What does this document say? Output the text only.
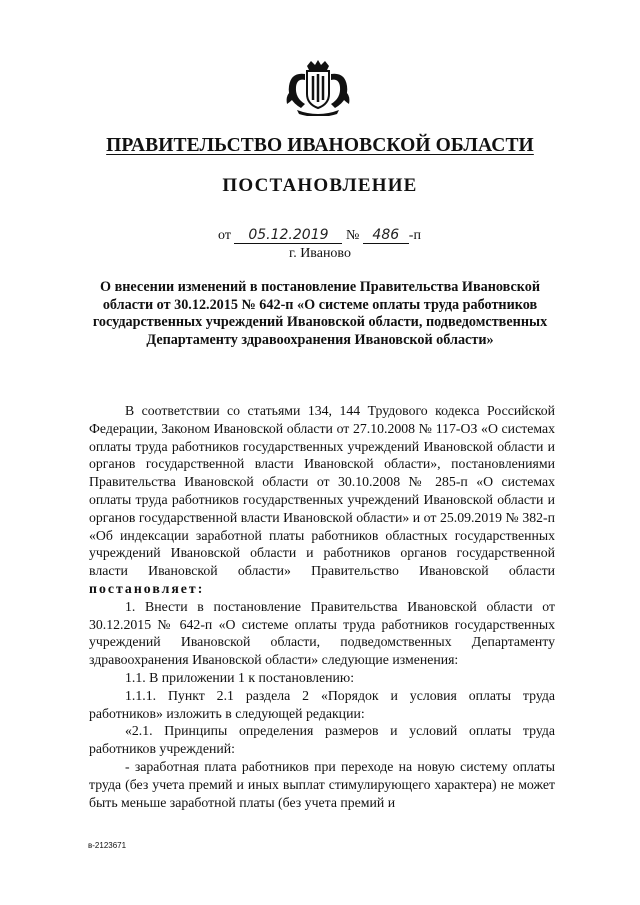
ПРАВИТЕЛЬСТВО ИВАНОВСКОЙ ОБЛАСТИ
ПОСТАНОВЛЕНИЕ
от 05.12.2019 № 486 -п
г. Иваново
О внесении изменений в постановление Правительства Ивановской области от 30.12.2015 № 642-п «О системе оплаты труда работников государственных учреждений Ивановской области, подведомственных Департаменту здравоохранения Ивановской области»

В соответствии со статьями 134, 144 Трудового кодекса Российской Федерации, Законом Ивановской области от 27.10.2008 № 117-ОЗ «О системах оплаты труда работников государственных учреждений Ивановской области и органов государственной власти Ивановской области», постановлениями Правительства Ивановской области от 30.10.2008 № 285-п «О системах оплаты труда работников государственных учреждений Ивановской области и органов государственной власти Ивановской области» и от 25.09.2019 № 382-п «Об индексации заработной платы работников областных государственных учреждений Ивановской области и работников органов государственной власти Ивановской области» Правительство Ивановской области постановляет:

1. Внести в постановление Правительства Ивановской области от 30.12.2015 № 642-п «О системе оплаты труда работников государственных учреждений Ивановской области, подведомственных Департаменту здравоохранения Ивановской области» следующие изменения:

1.1. В приложении 1 к постановлению:

1.1.1. Пункт 2.1 раздела 2 «Порядок и условия оплаты труда работников» изложить в следующей редакции:

«2.1. Принципы определения размеров и условий оплаты труда работников учреждений:

- заработная плата работников при переходе на новую систему оплаты труда (без учета премий и иных выплат стимулирующего характера) не может быть меньше заработной платы (без учета премий и

в-2123671
